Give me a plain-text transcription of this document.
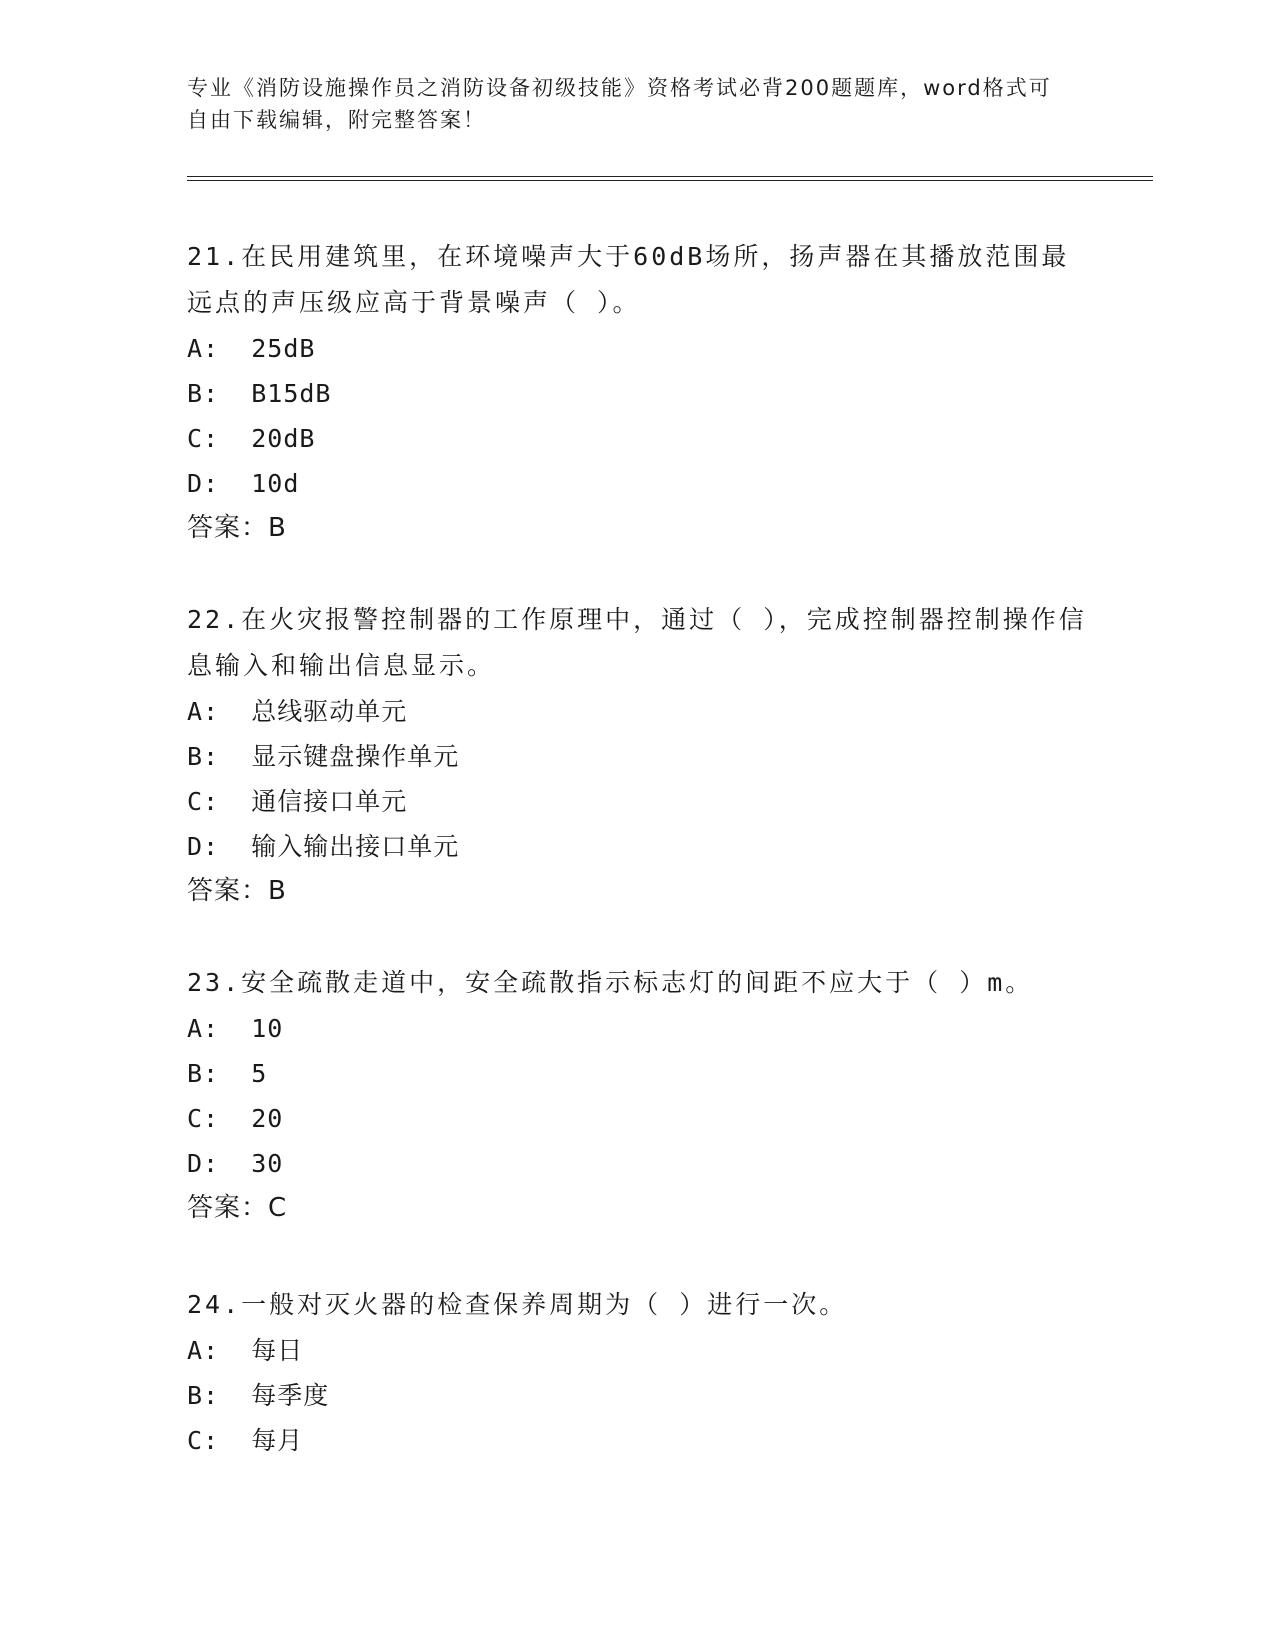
专业《消防设施操作员之消防设备初级技能》资格考试必背200题题库，word格式可自由下载编辑，附完整答案！

21.在民用建筑里，在环境噪声大于60dB场所，扬声器在其播放范围最远点的声压级应高于背景噪声（ ）。

A: 25dB

B: B15dB

C: 20dB

D: 10d

答案：B

22.在火灾报警控制器的工作原理中，通过（ ），完成控制器控制操作信息输入和输出信息显示。

A: 总线驱动单元

B: 显示键盘操作单元

C: 通信接口单元

D: 输入输出接口单元

答案：B

23.安全疏散走道中，安全疏散指示标志灯的间距不应大于（ ）m。

A: 10

B: 5

C: 20

D: 30

答案：C

24.一般对灭火器的检查保养周期为（ ）进行一次。

A: 每日

B: 每季度

C: 每月
